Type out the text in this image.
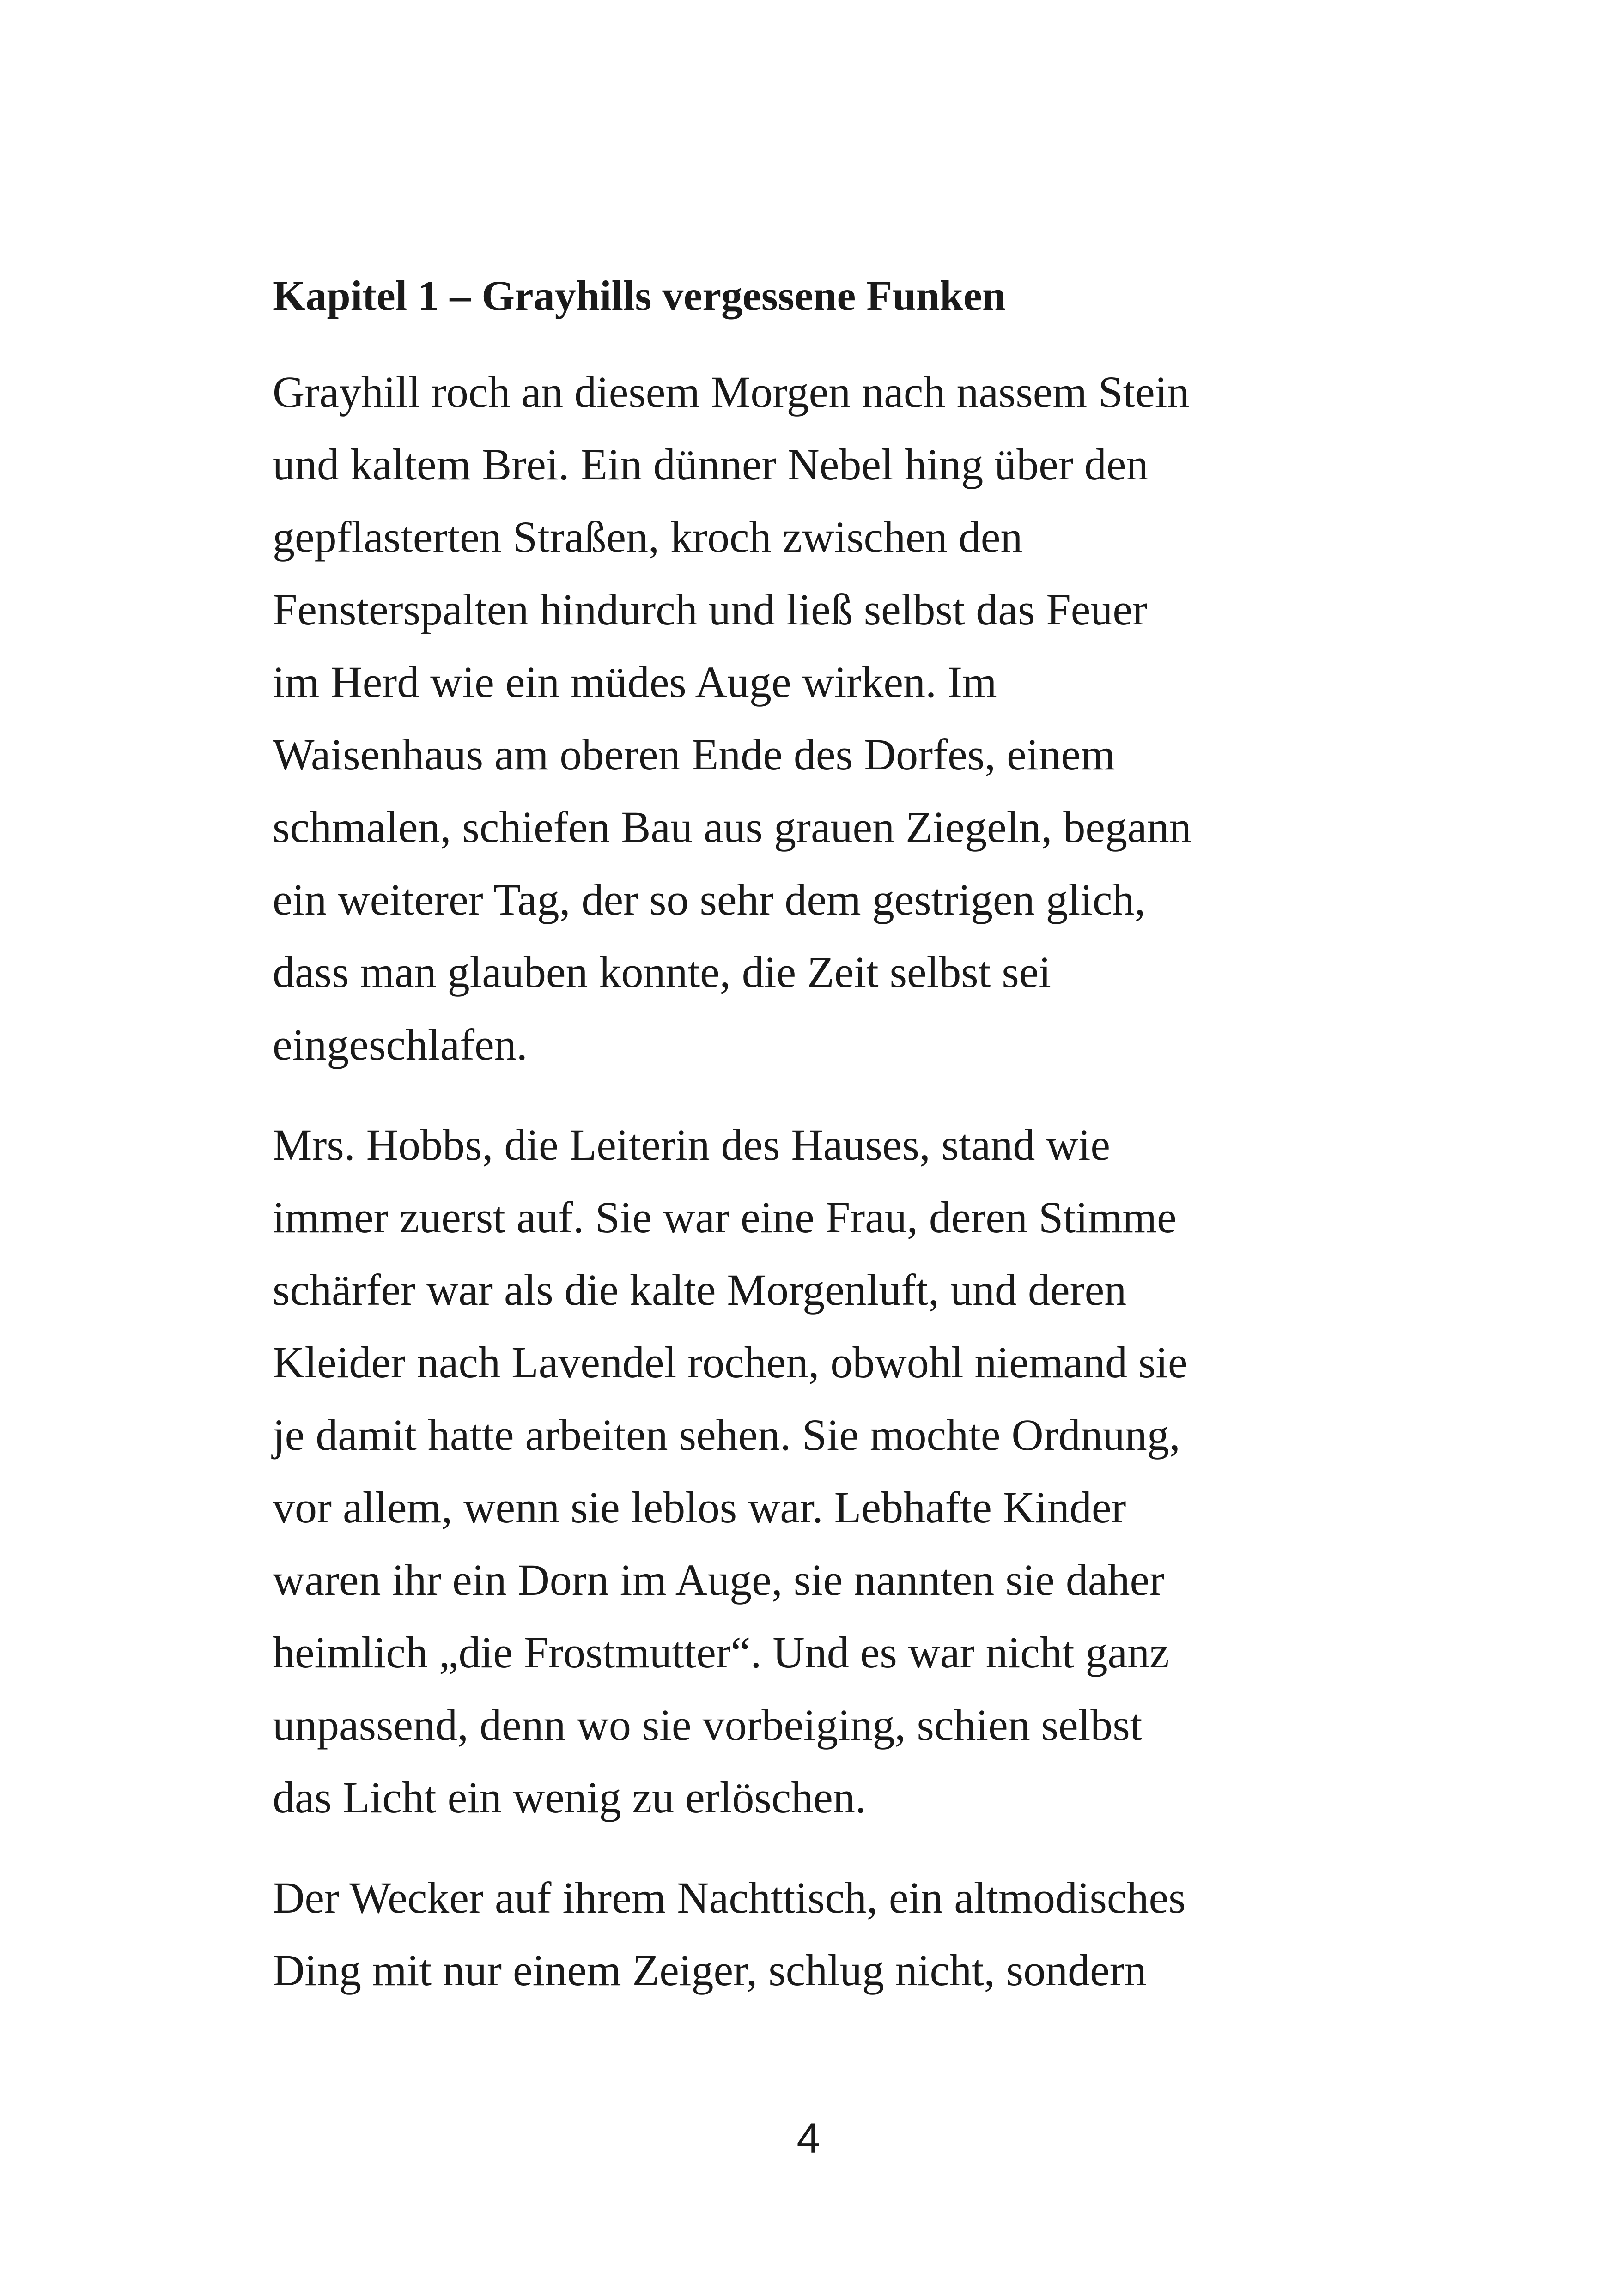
Kapitel 1 – Grayhills vergessene Funken

Grayhill roch an diesem Morgen nach nassem Stein
und kaltem Brei. Ein dünner Nebel hing über den
gepflasterten Straßen, kroch zwischen den
Fensterspalten hindurch und ließ selbst das Feuer
im Herd wie ein müdes Auge wirken. Im
Waisenhaus am oberen Ende des Dorfes, einem
schmalen, schiefen Bau aus grauen Ziegeln, begann
ein weiterer Tag, der so sehr dem gestrigen glich,
dass man glauben konnte, die Zeit selbst sei
eingeschlafen.

Mrs. Hobbs, die Leiterin des Hauses, stand wie
immer zuerst auf. Sie war eine Frau, deren Stimme
schärfer war als die kalte Morgenluft, und deren
Kleider nach Lavendel rochen, obwohl niemand sie
je damit hatte arbeiten sehen. Sie mochte Ordnung,
vor allem, wenn sie leblos war. Lebhafte Kinder
waren ihr ein Dorn im Auge, sie nannten sie daher
heimlich „die Frostmutter“. Und es war nicht ganz
unpassend, denn wo sie vorbeiging, schien selbst
das Licht ein wenig zu erlöschen.

Der Wecker auf ihrem Nachttisch, ein altmodisches
Ding mit nur einem Zeiger, schlug nicht, sondern

4
